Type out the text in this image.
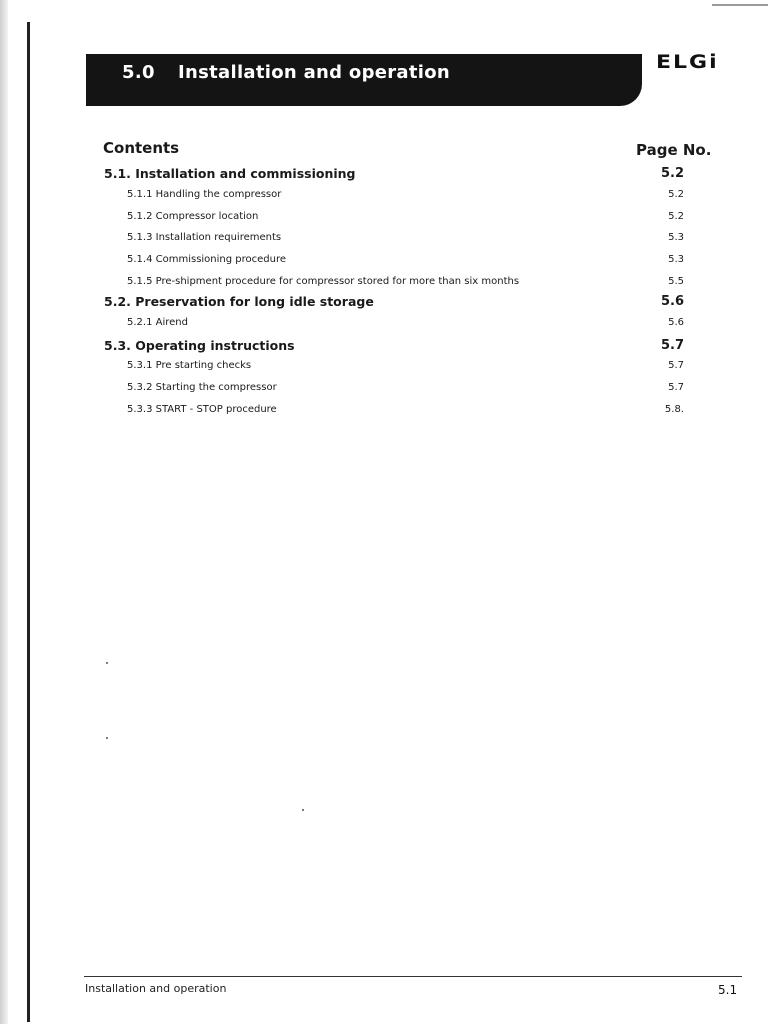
5.0 Installation and operation	ELGi
Contents	Page No.
5.1. Installation and commissioning	5.2
5.1.1 Handling the compressor	5.2
5.1.2 Compressor location	5.2
5.1.3 Installation requirements	5.3
5.1.4 Commissioning procedure	5.3
5.1.5 Pre-shipment procedure for compressor stored for more than six months	5.5
5.2. Preservation for long idle storage	5.6
5.2.1 Airend	5.6
5.3. Operating instructions	5.7
5.3.1 Pre starting checks	5.7
5.3.2 Starting the compressor	5.7
5.3.3 START - STOP procedure	5.8.
Installation and operation	5.1
